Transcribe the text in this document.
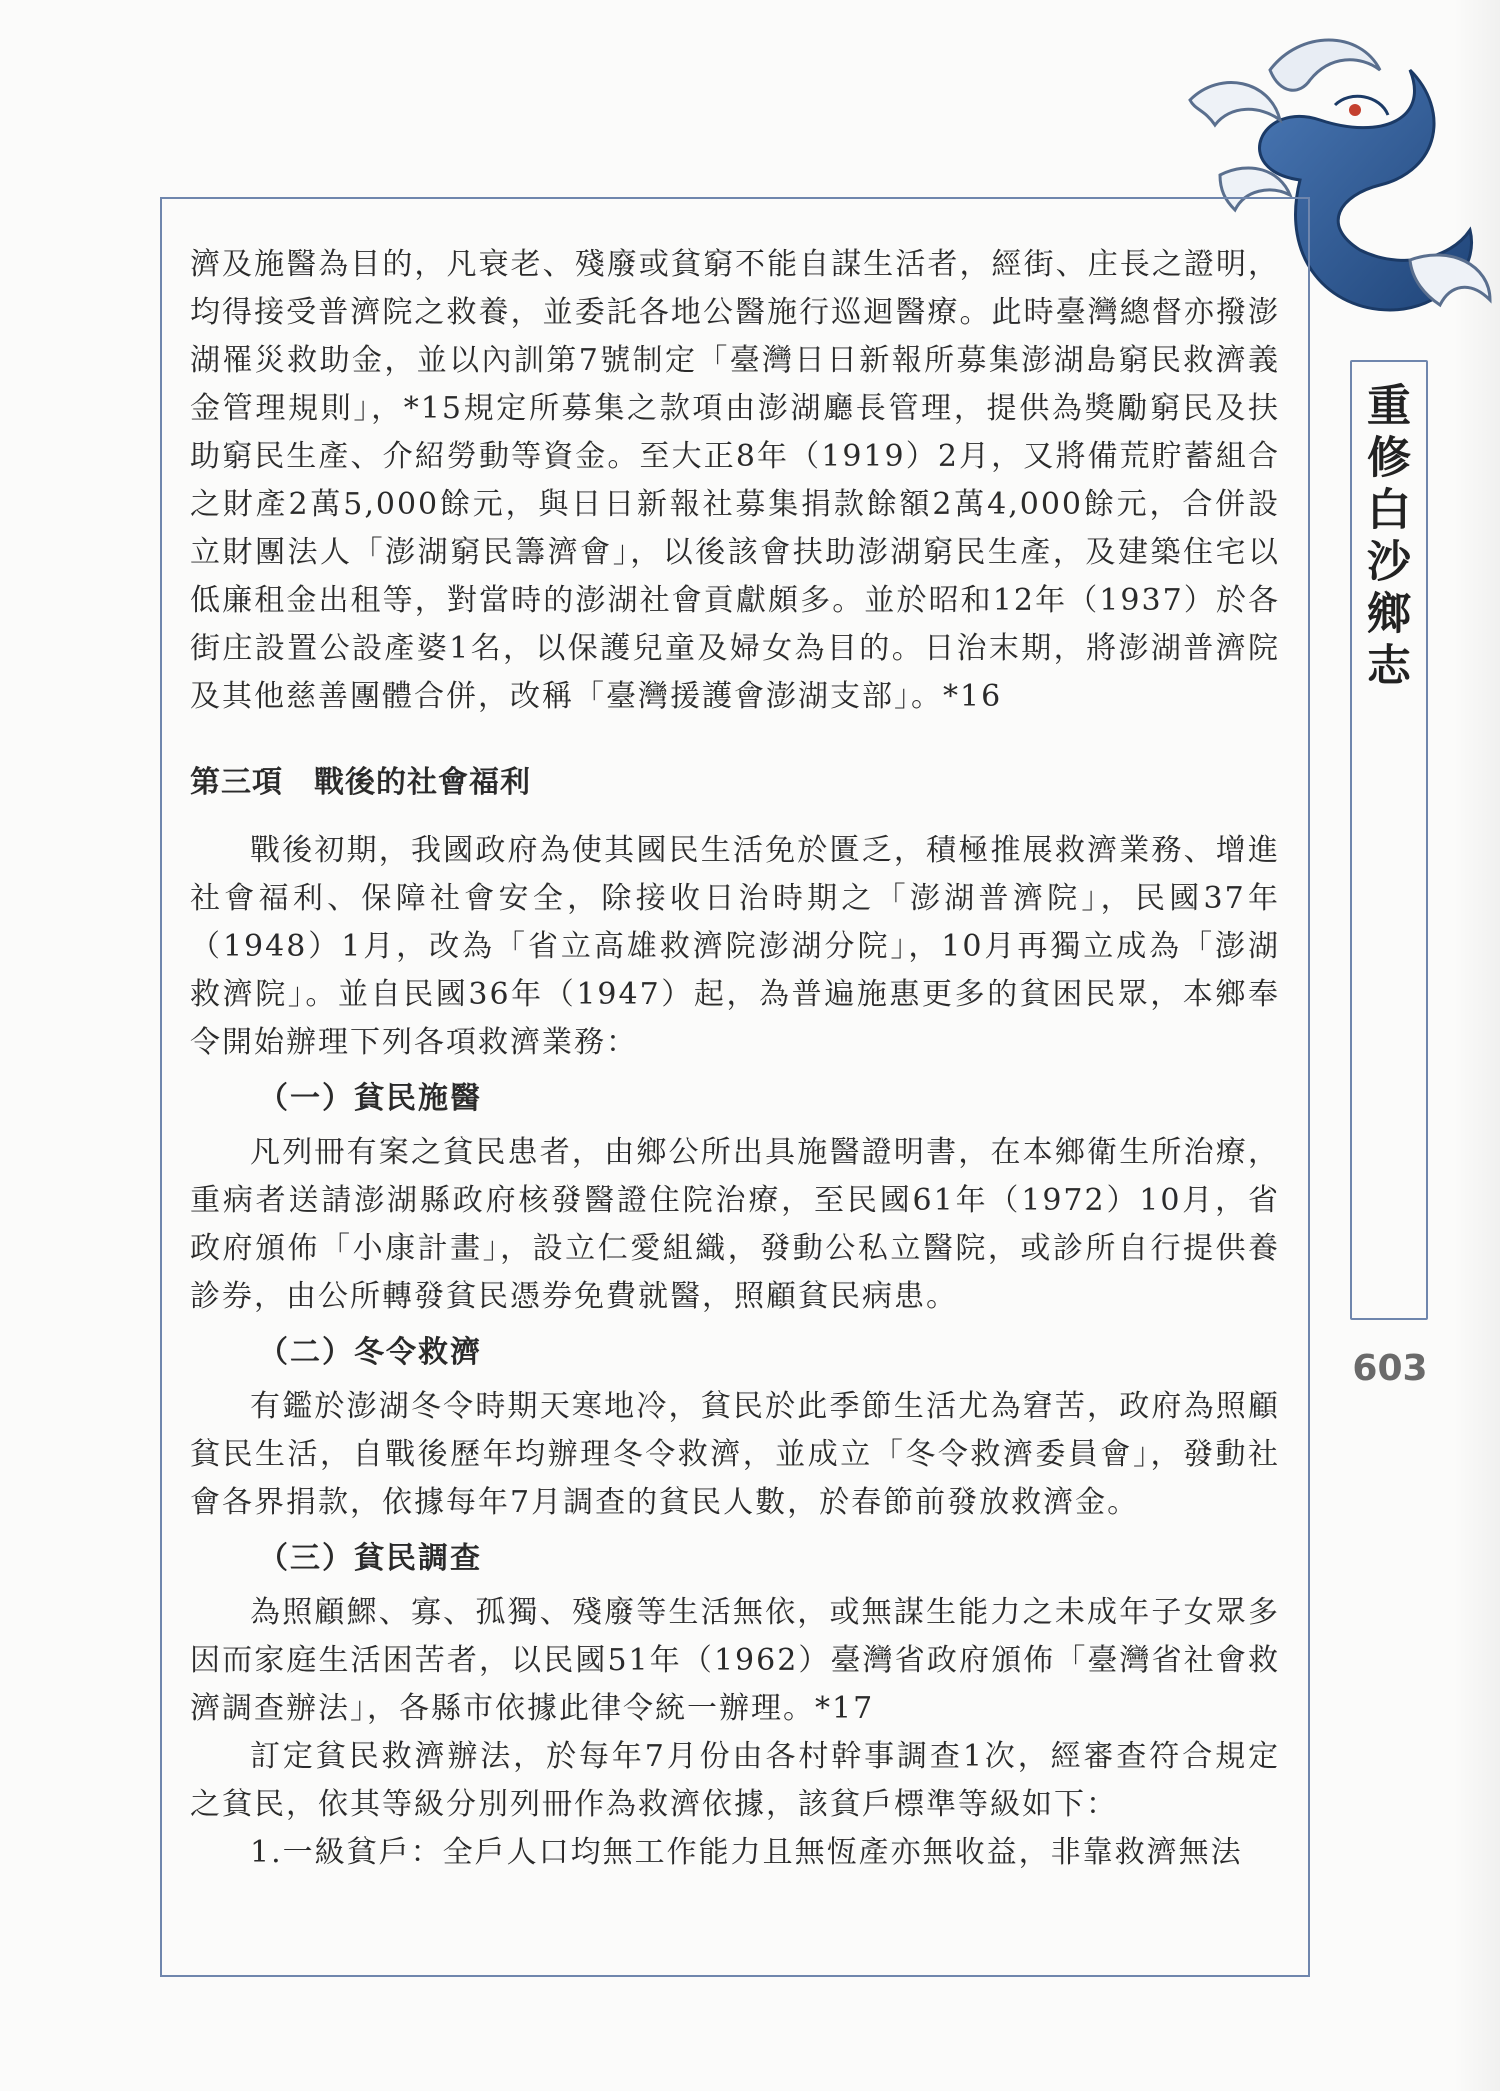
濟及施醫為目的，凡衰老、殘廢或貧窮不能自謀生活者，經街、庄長之證明，均得接受普濟院之救養，並委託各地公醫施行巡迴醫療。此時臺灣總督亦撥澎湖罹災救助金，並以內訓第7號制定「臺灣日日新報所募集澎湖島窮民救濟義金管理規則」，*15規定所募集之款項由澎湖廳長管理，提供為獎勵窮民及扶助窮民生產、介紹勞動等資金。至大正8年（1919）2月，又將備荒貯蓄組合之財產2萬5,000餘元，與日日新報社募集捐款餘額2萬4,000餘元，合併設立財團法人「澎湖窮民籌濟會」，以後該會扶助澎湖窮民生產，及建築住宅以低廉租金出租等，對當時的澎湖社會貢獻頗多。並於昭和12年（1937）於各街庄設置公設產婆1名，以保護兒童及婦女為目的。日治末期，將澎湖普濟院及其他慈善團體合併，改稱「臺灣援護會澎湖支部」。*16

第三項　戰後的社會福利

戰後初期，我國政府為使其國民生活免於匱乏，積極推展救濟業務、增進社會福利、保障社會安全，除接收日治時期之「澎湖普濟院」，民國37年（1948）1月，改為「省立高雄救濟院澎湖分院」，10月再獨立成為「澎湖救濟院」。並自民國36年（1947）起，為普遍施惠更多的貧困民眾，本鄉奉令開始辦理下列各項救濟業務：

（一）貧民施醫

凡列冊有案之貧民患者，由鄉公所出具施醫證明書，在本鄉衛生所治療，重病者送請澎湖縣政府核發醫證住院治療，至民國61年（1972）10月，省政府頒佈「小康計畫」，設立仁愛組織，發動公私立醫院，或診所自行提供養診券，由公所轉發貧民憑券免費就醫，照顧貧民病患。

（二）冬令救濟

有鑑於澎湖冬令時期天寒地冷，貧民於此季節生活尤為窘苦，政府為照顧貧民生活，自戰後歷年均辦理冬令救濟，並成立「冬令救濟委員會」，發動社會各界捐款，依據每年7月調查的貧民人數，於春節前發放救濟金。

（三）貧民調查

為照顧鰥、寡、孤獨、殘廢等生活無依，或無謀生能力之未成年子女眾多因而家庭生活困苦者，以民國51年（1962）臺灣省政府頒佈「臺灣省社會救濟調查辦法」，各縣市依據此律令統一辦理。*17

訂定貧民救濟辦法，於每年7月份由各村幹事調查1次，經審查符合規定之貧民，依其等級分別列冊作為救濟依據，該貧戶標準等級如下：

1.一級貧戶：全戶人口均無工作能力且無恆產亦無收益，非靠救濟無法

重修白沙鄉志
603
